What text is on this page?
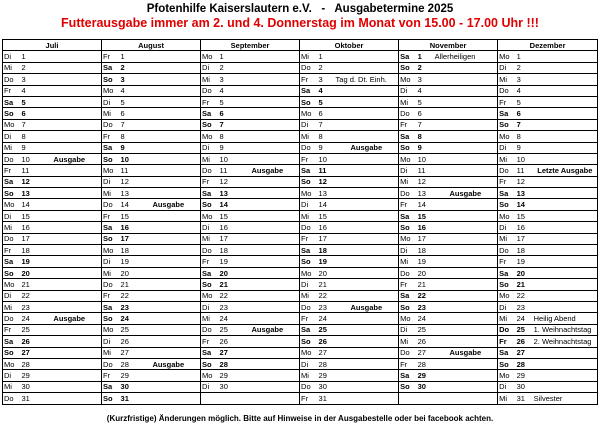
Pfotenhilfe Kaiserslautern e.V.   -   Ausgabetermine 2025
Futterausgabe immer am 2. und 4. Donnerstag im Monat von 15.00 - 17.00 Uhr !!!
Juli			August			September			Oktober			November			Dezember		
Di	1		Fr	1		Mo	1		Mi	1		Sa	1	Allerheiligen	Mo	1	
Mi	2		Sa	2		Di	2		Do	2		So	2		Di	2	
Do	3		So	3		Mi	3		Fr	3	Tag d. Dt. Einh.	Mo	3		Mi	3	
Fr	4		Mo	4		Do	4		Sa	4		Di	4		Do	4	
Sa	5		Di	5		Fr	5		So	5		Mi	5		Fr	5	
So	6		Mi	6		Sa	6		Mo	6		Do	6		Sa	6	
Mo	7		Do	7		So	7		Di	7		Fr	7		So	7	
Di	8		Fr	8		Mo	8		Mi	8		Sa	8		Mo	8	
Mi	9		Sa	9		Di	9		Do	9	Ausgabe	So	9		Di	9	
Do	10	Ausgabe	So	10		Mi	10		Fr	10		Mo	10		Mi	10	
Fr	11		Mo	11		Do	11	Ausgabe	Sa	11		Di	11		Do	11	Letzte Ausgabe
Sa	12		Di	12		Fr	12		So	12		Mi	12		Fr	12	
So	13		Mi	13		Sa	13		Mo	13		Do	13	Ausgabe	Sa	13	
Mo	14		Do	14	Ausgabe	So	14		Di	14		Fr	14		So	14	
Di	15		Fr	15		Mo	15		Mi	15		Sa	15		Mo	15	
Mi	16		Sa	16		Di	16		Do	16		So	16		Di	16	
Do	17		So	17		Mi	17		Fr	17		Mo	17		Mi	17	
Fr	18		Mo	18		Do	18		Sa	18		Di	18		Do	18	
Sa	19		Di	19		Fr	19		So	19		Mi	19		Fr	19	
So	20		Mi	20		Sa	20		Mo	20		Do	20		Sa	20	
Mo	21		Do	21		So	21		Di	21		Fr	21		So	21	
Di	22		Fr	22		Mo	22		Mi	22		Sa	22		Mo	22	
Mi	23		Sa	23		Di	23		Do	23	Ausgabe	So	23		Di	23	
Do	24	Ausgabe	So	24		Mi	24		Fr	24		Mo	24		Mi	24	Heilig Abend
Fr	25		Mo	25		Do	25	Ausgabe	Sa	25		Di	25		Do	25	1. Weihnachtstag
Sa	26		Di	26		Fr	26		So	26		Mi	26		Fr	26	2. Weihnachtstag
So	27		Mi	27		Sa	27		Mo	27		Do	27	Ausgabe	Sa	27	
Mo	28		Do	28	Ausgabe	So	28		Di	28		Fr	28		So	28	
Di	29		Fr	29		Mo	29		Mi	29		Sa	29		Mo	29	
Mi	30		Sa	30		Di	30		Do	30		So	30		Di	30	
Do	31		So	31					Fr	31					Mi	31	Silvester
(Kurzfristige) Änderungen möglich. Bitte auf Hinweise in der Ausgabestelle oder bei facebook achten.
